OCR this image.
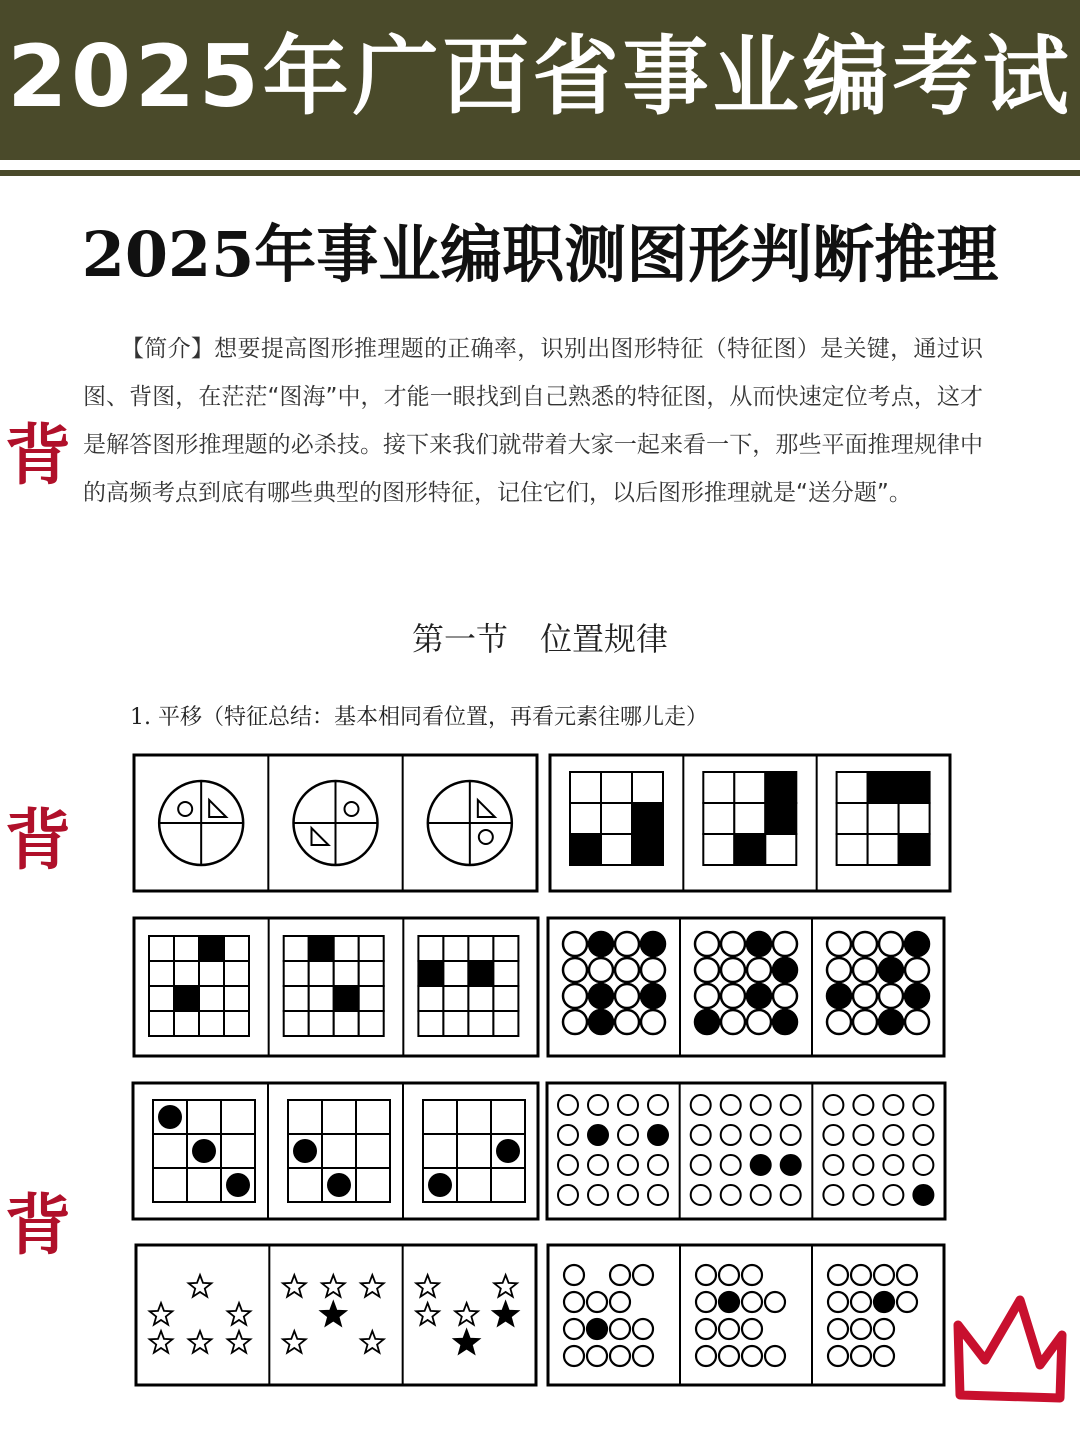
2025年广西省事业编考试
2025年事业编职测图形判断推理
【简介】想要提高图形推理题的正确率，识别出图形特征（特征图）是关键，通过识图、背图，在茫茫“图海”中，才能一眼找到自己熟悉的特征图，从而快速定位考点，这才是解答图形推理题的必杀技。接下来我们就带着大家一起来看一下，那些平面推理规律中的高频考点到底有哪些典型的图形特征，记住它们，以后图形推理就是“送分题”。
第一节　位置规律
1. 平移（特征总结：基本相同看位置，再看元素往哪儿走）
背
背
背
